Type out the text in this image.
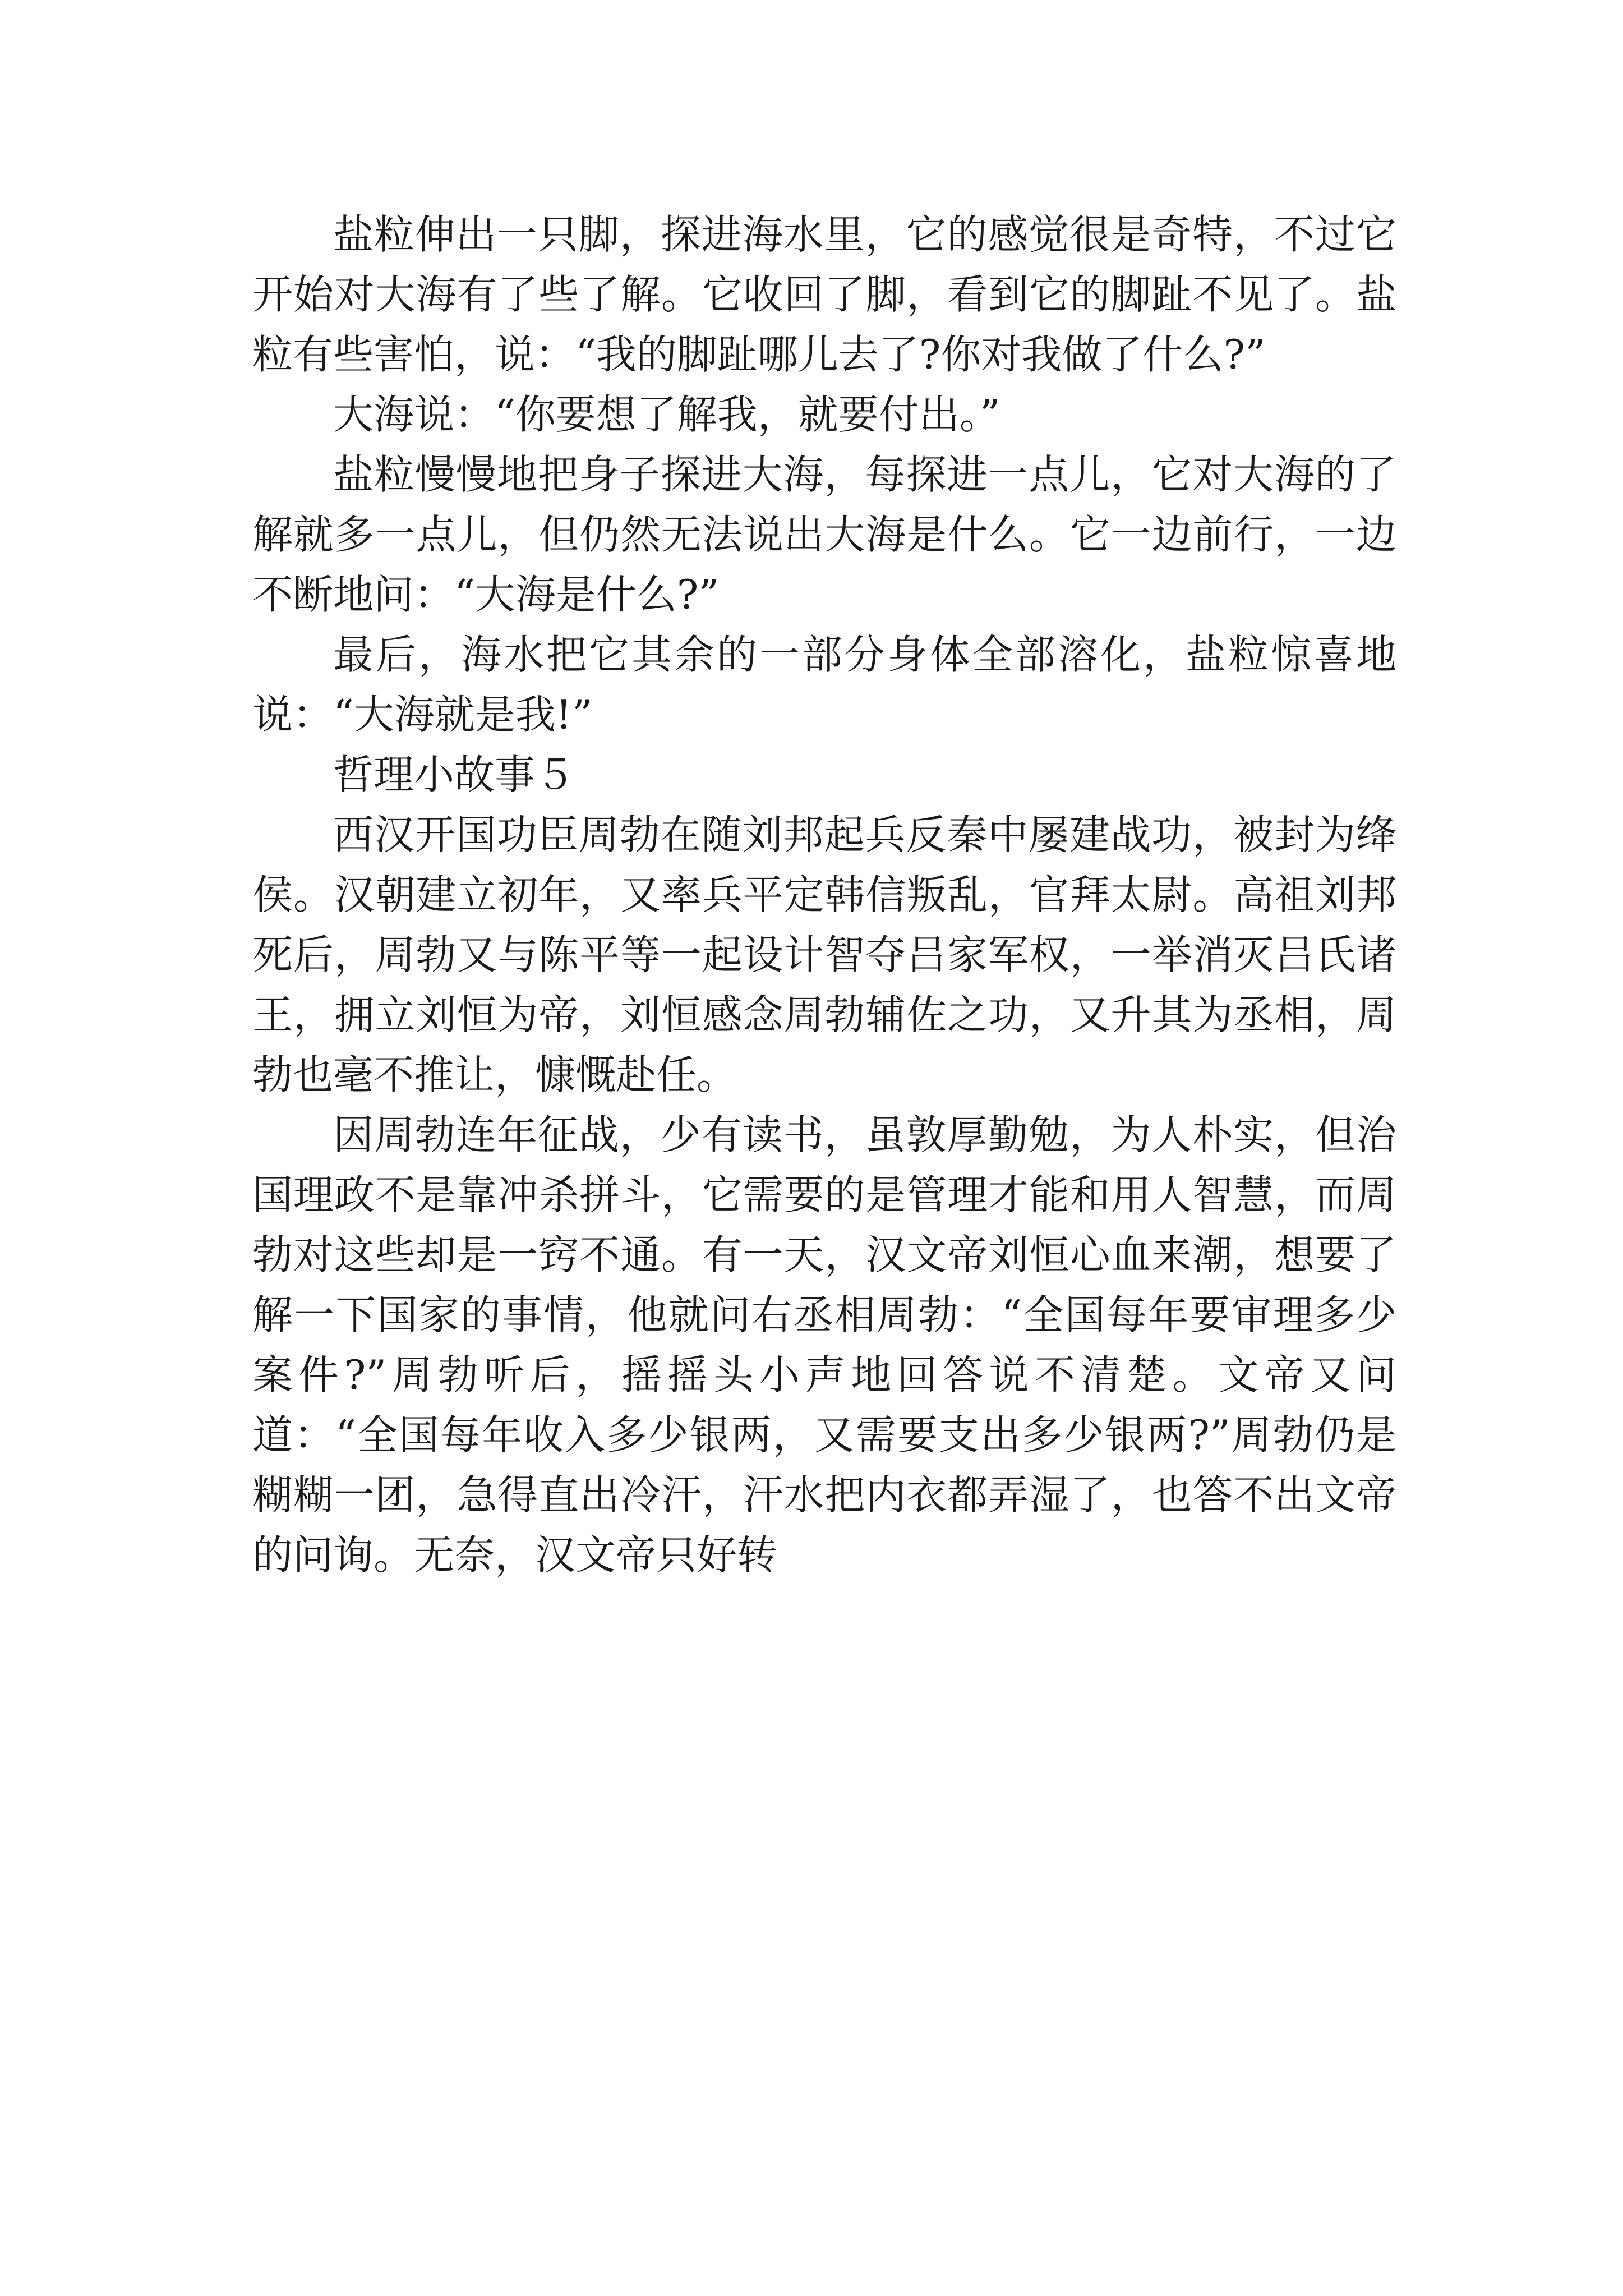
盐粒伸出一只脚，探进海水里，它的感觉很是奇特，不过它开始对大海有了些了解。它收回了脚，看到它的脚趾不见了。盐粒有些害怕，说：“我的脚趾哪儿去了?你对我做了什么?”

大海说：“你要想了解我，就要付出。”

盐粒慢慢地把身子探进大海，每探进一点儿，它对大海的了解就多一点儿，但仍然无法说出大海是什么。它一边前行，一边不断地问：“大海是什么?”

最后，海水把它其余的一部分身体全部溶化，盐粒惊喜地说：“大海就是我!”

哲理小故事５

西汉开国功臣周勃在随刘邦起兵反秦中屡建战功，被封为绛侯。汉朝建立初年，又率兵平定韩信叛乱，官拜太尉。高祖刘邦死后，周勃又与陈平等一起设计智夺吕家军权，一举消灭吕氏诸王，拥立刘恒为帝，刘恒感念周勃辅佐之功，又升其为丞相，周勃也毫不推让，慷慨赴任。

因周勃连年征战，少有读书，虽敦厚勤勉，为人朴实，但治国理政不是靠冲杀拼斗，它需要的是管理才能和用人智慧，而周勃对这些却是一窍不通。有一天，汉文帝刘恒心血来潮，想要了解一下国家的事情，他就问右丞相周勃：“全国每年要审理多少案件?”周勃听后，摇摇头小声地回答说不清楚。文帝又问道：“全国每年收入多少银两，又需要支出多少银两?”周勃仍是糊糊一团，急得直出冷汗，汗水把内衣都弄湿了，也答不出文帝的问询。无奈，汉文帝只好转
